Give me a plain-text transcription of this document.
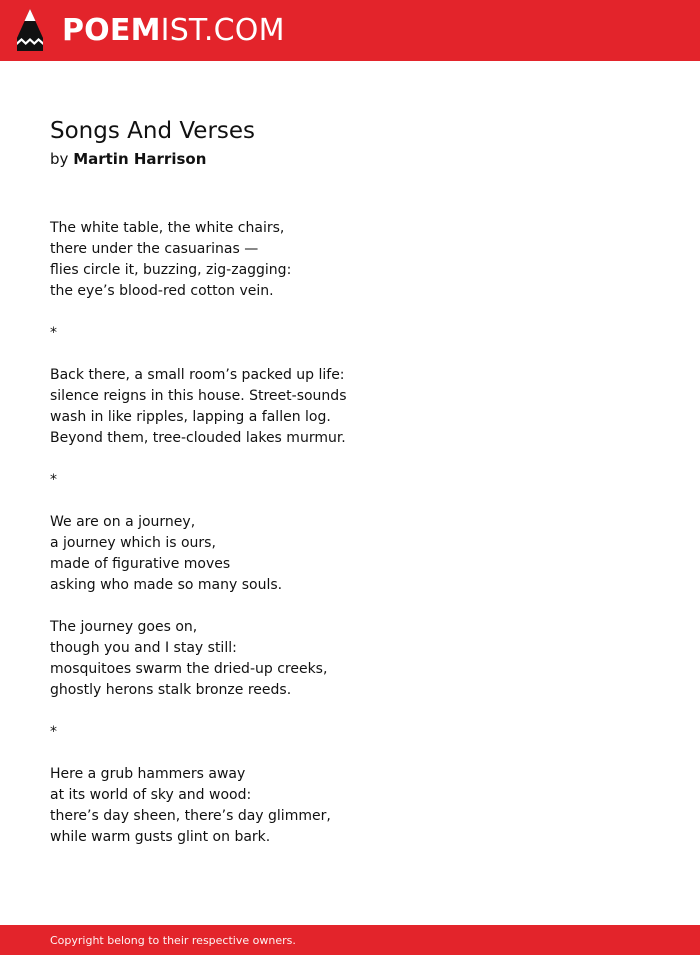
POEMIST.COM
Songs And Verses
by Martin Harrison
The white table, the white chairs,
there under the casuarinas —
flies circle it, buzzing, zig-zagging:
the eye’s blood-red cotton vein.
*
Back there, a small room’s packed up life:
silence reigns in this house. Street-sounds
wash in like ripples, lapping a fallen log.
Beyond them, tree-clouded lakes murmur.
*
We are on a journey,
a journey which is ours,
made of figurative moves
asking who made so many souls.
The journey goes on,
though you and I stay still:
mosquitoes swarm the dried-up creeks,
ghostly herons stalk bronze reeds.
*
Here a grub hammers away
at its world of sky and wood:
there’s day sheen, there’s day glimmer,
while warm gusts glint on bark.
Copyright belong to their respective owners.
